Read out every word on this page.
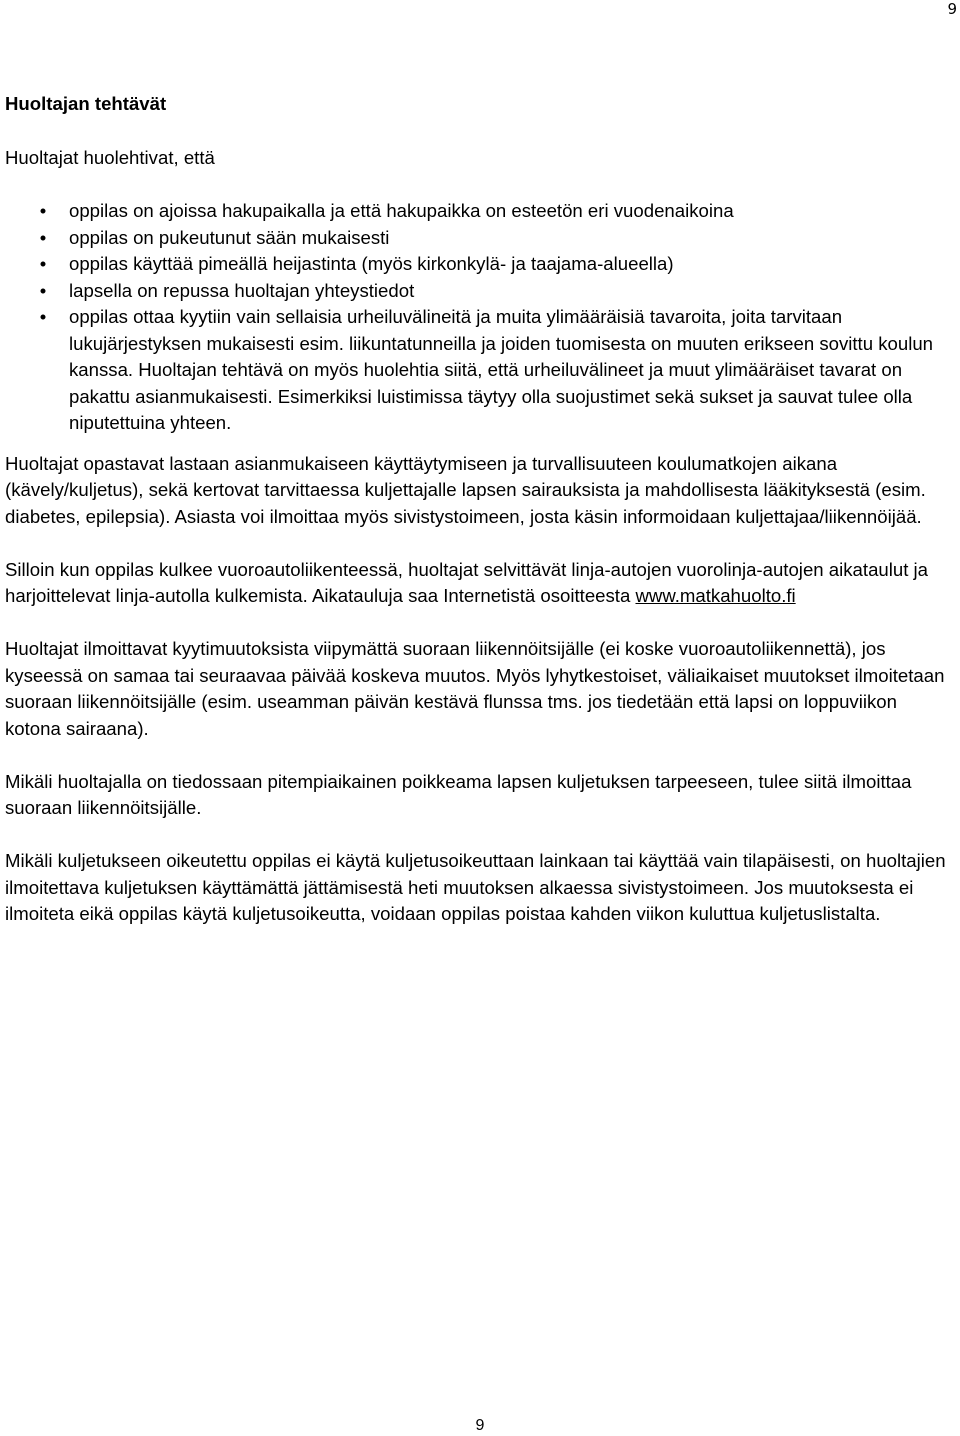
9
Huoltajan tehtävät

Huoltajat huolehtivat, että

•	oppilas on ajoissa hakupaikalla ja että hakupaikka on esteetön eri vuodenaikoina
•	oppilas on pukeutunut sään mukaisesti
•	oppilas käyttää pimeällä heijastinta (myös kirkonkylä- ja taajama-alueella)
•	lapsella on repussa huoltajan yhteystiedot
•	oppilas ottaa kyytiin vain sellaisia urheiluvälineitä ja muita ylimääräisiä tavaroita, joita tarvitaan lukujärjestyksen mukaisesti esim. liikuntatunneilla ja joiden tuomisesta on muuten erikseen sovittu koulun kanssa. Huoltajan tehtävä on myös huolehtia siitä, että urheiluvälineet ja muut ylimääräiset tavarat on pakattu asianmukaisesti. Esimerkiksi luistimissa täytyy olla suojustimet sekä sukset ja sauvat tulee olla niputettuina yhteen.

Huoltajat opastavat lastaan asianmukaiseen käyttäytymiseen ja turvallisuuteen koulumatkojen aikana (kävely/kuljetus), sekä kertovat tarvittaessa kuljettajalle lapsen sairauksista ja mahdollisesta lääkityksestä (esim. diabetes, epilepsia). Asiasta voi ilmoittaa myös sivistystoimeen, josta käsin informoidaan kuljettajaa/liikennöijää.

Silloin kun oppilas kulkee vuoroautoliikenteessä, huoltajat selvittävät linja-autojen vuorolinja-autojen aikataulut ja harjoittelevat linja-autolla kulkemista. Aikatauluja saa Internetistä osoitteesta www.matkahuolto.fi

Huoltajat ilmoittavat kyytimuutoksista viipymättä suoraan liikennöitsijälle (ei koske vuoroautoliikennettä), jos kyseessä on samaa tai seuraavaa päivää koskeva muutos. Myös lyhytkestoiset, väliaikaiset muutokset ilmoitetaan suoraan liikennöitsijälle (esim. useamman päivän kestävä flunssa tms. jos tiedetään että lapsi on loppuviikon kotona sairaana).

Mikäli huoltajalla on tiedossaan pitempiaikainen poikkeama lapsen kuljetuksen tarpeeseen, tulee siitä ilmoittaa suoraan liikennöitsijälle.

Mikäli kuljetukseen oikeutettu oppilas ei käytä kuljetusoikeuttaan lainkaan tai käyttää vain tilapäisesti, on huoltajien ilmoitettava kuljetuksen käyttämättä jättämisestä heti muutoksen alkaessa sivistystoimeen. Jos muutoksesta ei ilmoiteta eikä oppilas käytä kuljetusoikeutta, voidaan oppilas poistaa kahden viikon kuluttua kuljetuslistalta.

9
